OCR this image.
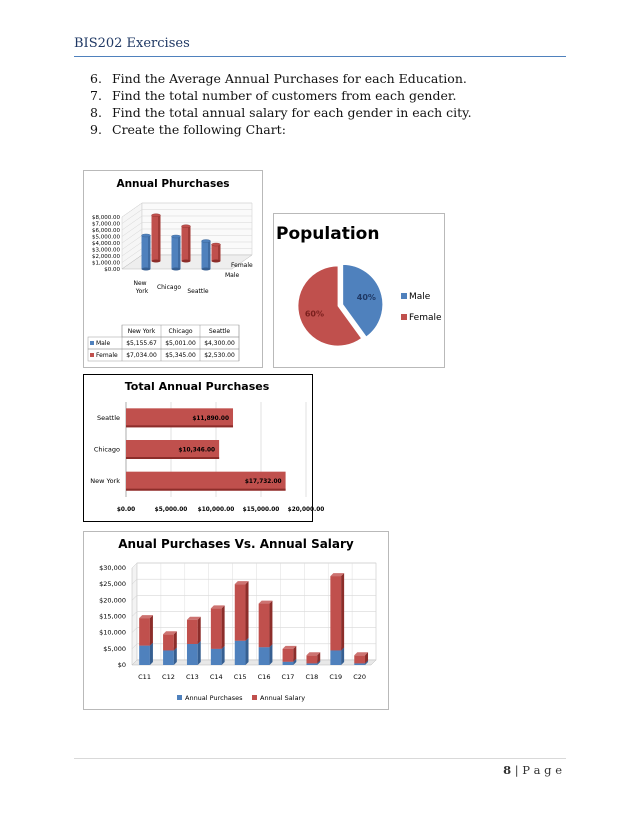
BIS202 Exercises
6. Find the Average Annual Purchases for each Education.
7. Find the total number of customers from each gender.
8. Find the total annual salary for each gender in each city.
9. Create the following Chart:
Annual Phurchases
$8,000.00
$7,000.00
$6,000.00
$5,000.00
$4,000.00
$3,000.00
$2,000.00
$1,000.00
$0.00
New
York
Chicago
Seattle
Female
Male
New York Chicago	Seattle
Male	$5,155.67 $5,001.00 $4,300.00
Female $7,034.00 $5,345.00 $2,530.00
Population
40%
60%
Male
Female
Total Annual Purchases
$0.00	$5,000.00 $10,000.00 $15,000.00 $20,000.00
Seattle	$11,890.00
Chicago	$10,346.00
New York	$17,732.00
Anual Purchases Vs. Annual Salary
$30,000
$25,000
$20,000
$15,000
$10,000
$5,000
$0
C11 C12 C13 C14 C15 C16 C17 C18 C19 C20
Annual Purchases	Annual Salary
8 | P a g e
